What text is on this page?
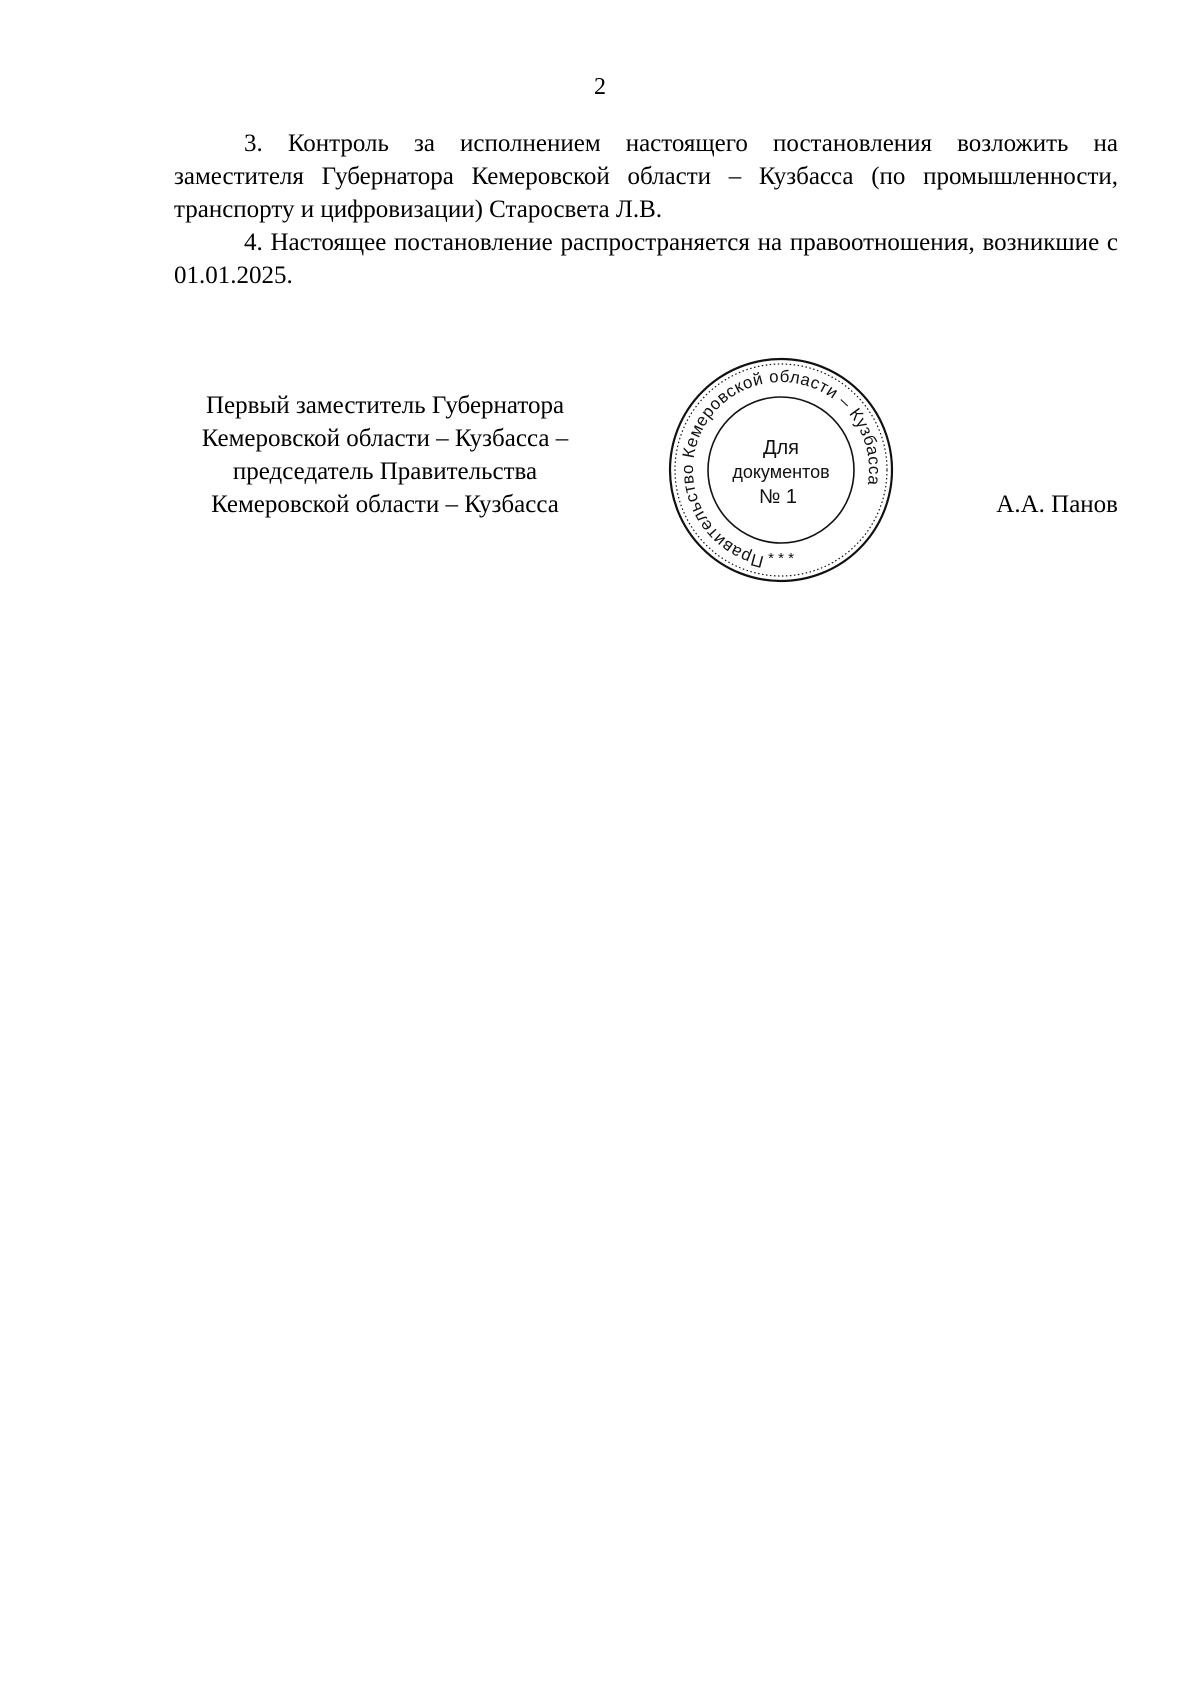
2

3. Контроль за исполнением настоящего постановления возложить на заместителя Губернатора Кемеровской области – Кузбасса (по промышленности, транспорту и цифровизации) Старосвета Л.В.

4. Настоящее постановление распространяется на правоотношения, возникшие с 01.01.2025.

Первый заместитель Губернатора
Кемеровской области – Кузбасса –
председатель Правительства
Кемеровской области – Кузбасса
Правительство Кемеровской области – Кузбасса
Для
документов
№ 1
* * *
А.А. Панов
